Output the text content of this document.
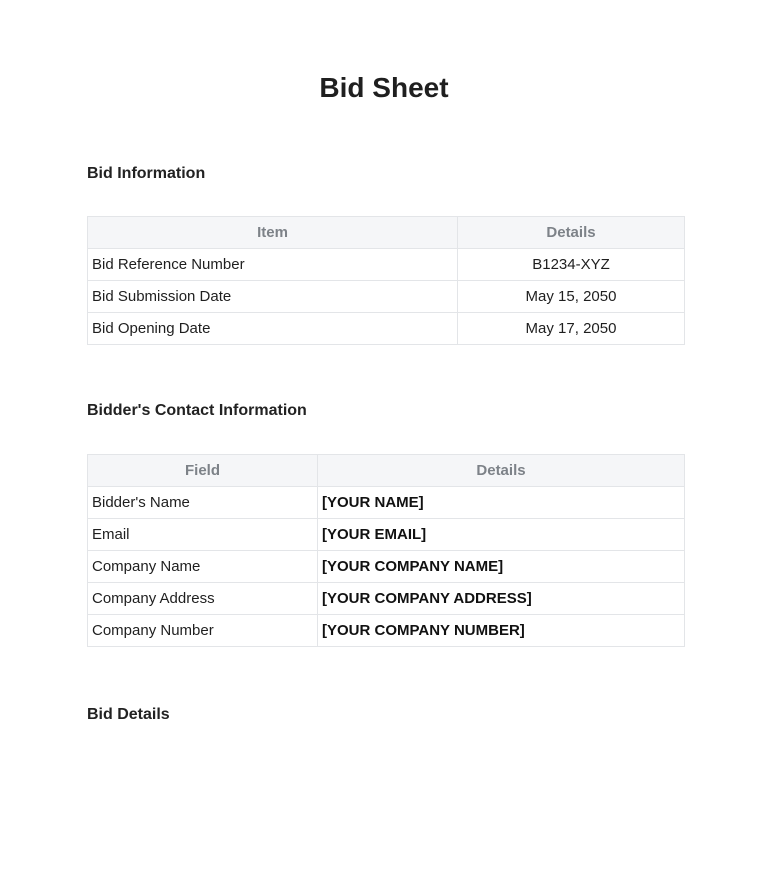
Bid Sheet
Bid Information
Item	Details
Bid Reference Number	B1234-XYZ
Bid Submission Date	May 15, 2050
Bid Opening Date	May 17, 2050
Bidder's Contact Information
Field	Details
Bidder's Name	[YOUR NAME]
Email	[YOUR EMAIL]
Company Name	[YOUR COMPANY NAME]
Company Address	[YOUR COMPANY ADDRESS]
Company Number	[YOUR COMPANY NUMBER]
Bid Details
